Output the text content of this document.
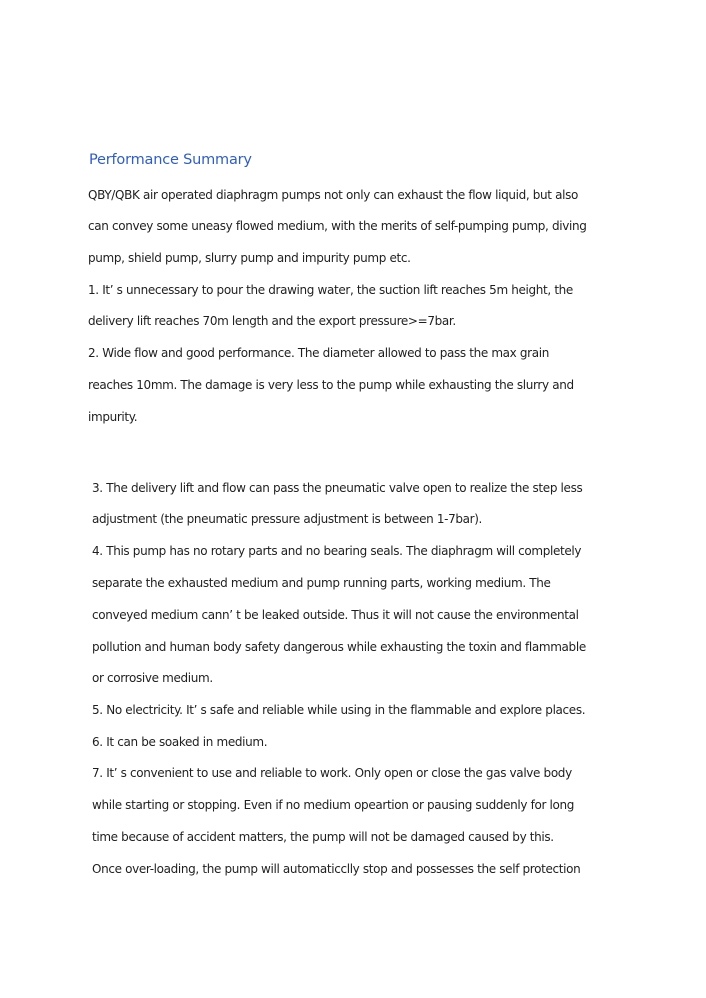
Performance Summary
QBY/QBK air operated diaphragm pumps not only can exhaust the flow liquid, but also
can convey some uneasy flowed medium, with the merits of self-pumping pump, diving
pump, shield pump, slurry pump and impurity pump etc.
1. It’ s unnecessary to pour the drawing water, the suction lift reaches 5m height, the
delivery lift reaches 70m length and the export pressure>=7bar.
2. Wide flow and good performance. The diameter allowed to pass the max grain
reaches 10mm. The damage is very less to the pump while exhausting the slurry and
impurity.
3. The delivery lift and flow can pass the pneumatic valve open to realize the step less
adjustment (the pneumatic pressure adjustment is between 1-7bar).
4. This pump has no rotary parts and no bearing seals. The diaphragm will completely
separate the exhausted medium and pump running parts, working medium. The
conveyed medium cann’ t be leaked outside. Thus it will not cause the environmental
pollution and human body safety dangerous while exhausting the toxin and flammable
or corrosive medium.
5. No electricity. It’ s safe and reliable while using in the flammable and explore places.
6. It can be soaked in medium.
7. It’ s convenient to use and reliable to work. Only open or close the gas valve body
while starting or stopping. Even if no medium opeartion or pausing suddenly for long
time because of accident matters, the pump will not be damaged caused by this.
Once over-loading, the pump will automaticclly stop and possesses the self protection
